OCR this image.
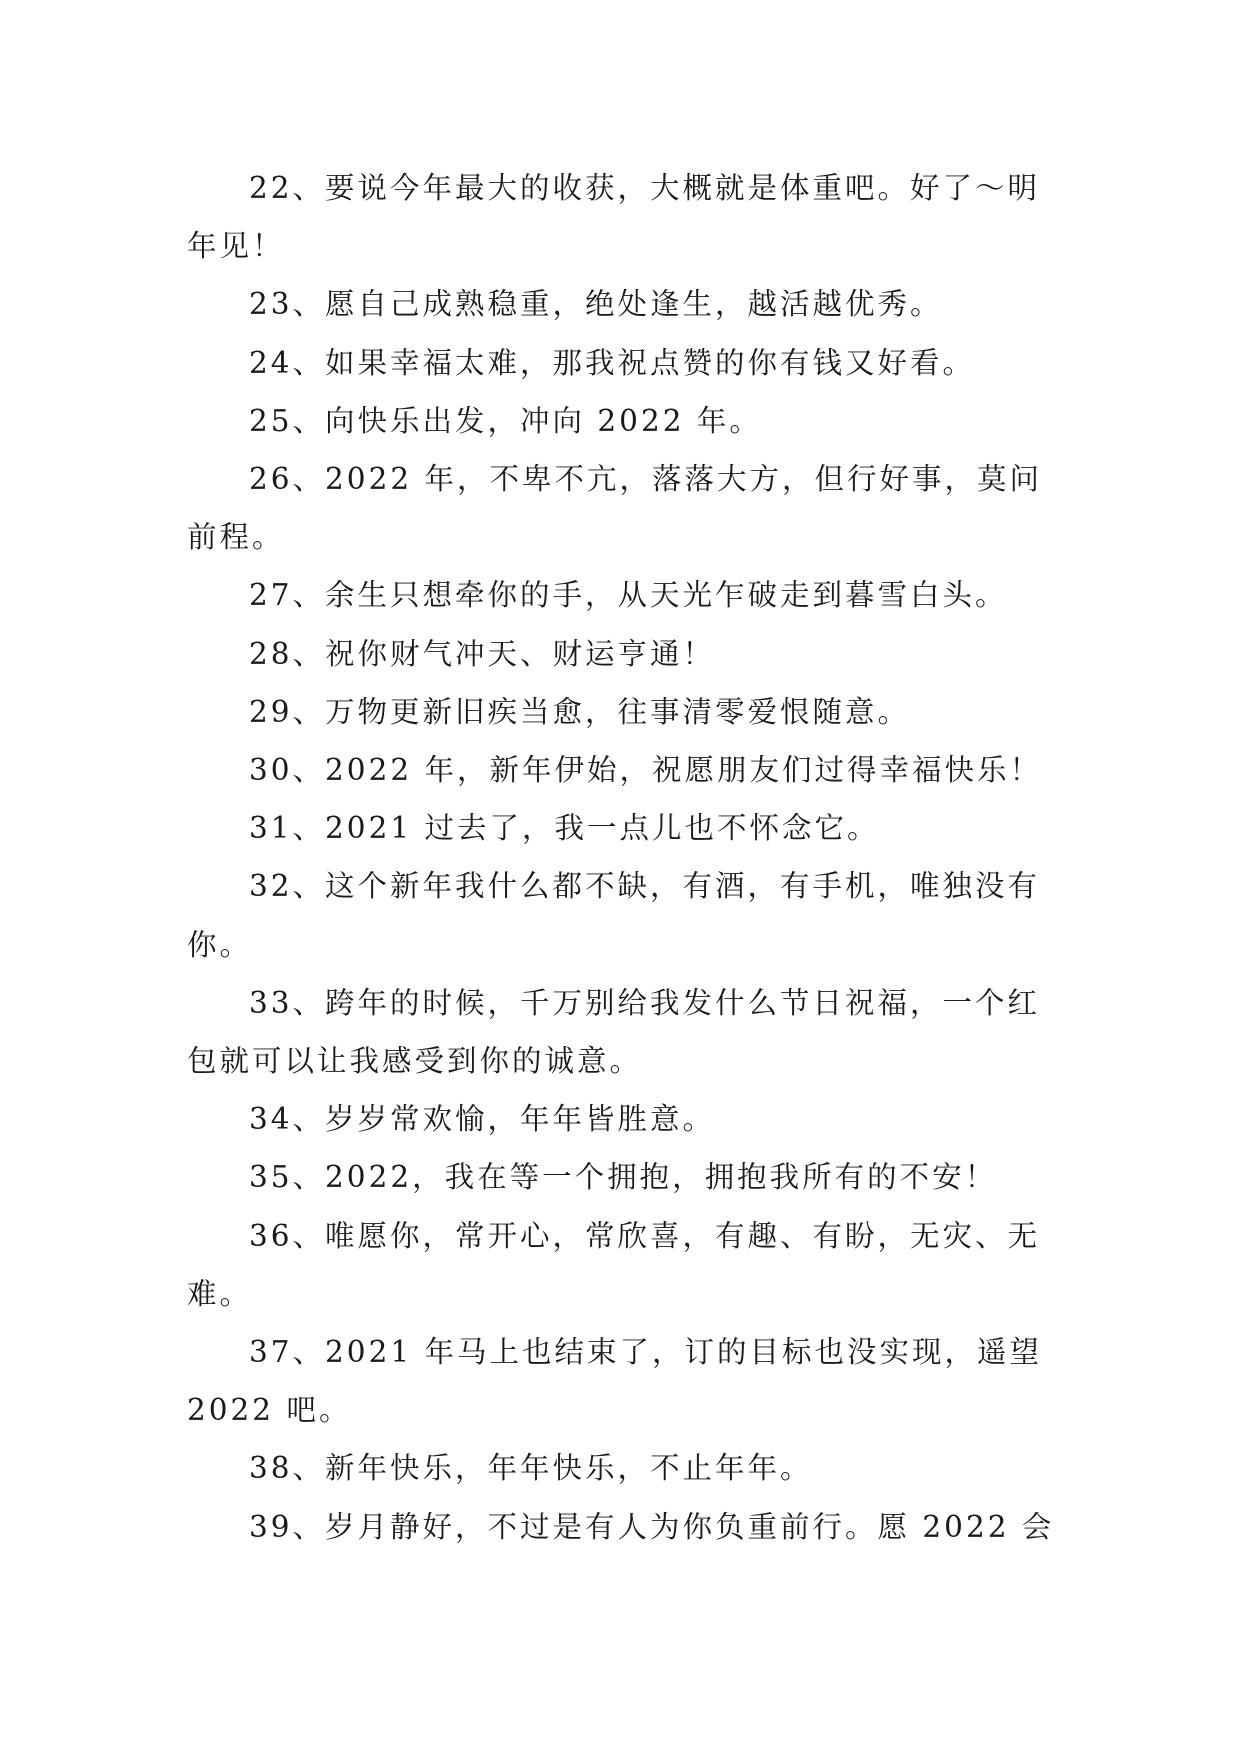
22、要说今年最大的收获，大概就是体重吧。好了～明年见！

23、愿自己成熟稳重，绝处逢生，越活越优秀。

24、如果幸福太难，那我祝点赞的你有钱又好看。

25、向快乐出发，冲向 2022 年。

26、2022 年，不卑不亢，落落大方，但行好事，莫问前程。

27、余生只想牵你的手，从天光乍破走到暮雪白头。

28、祝你财气冲天、财运亨通！

29、万物更新旧疾当愈，往事清零爱恨随意。

30、2022 年，新年伊始，祝愿朋友们过得幸福快乐！

31、2021 过去了，我一点儿也不怀念它。

32、这个新年我什么都不缺，有酒，有手机，唯独没有你。

33、跨年的时候，千万别给我发什么节日祝福，一个红包就可以让我感受到你的诚意。

34、岁岁常欢愉，年年皆胜意。

35、2022，我在等一个拥抱，拥抱我所有的不安！

36、唯愿你，常开心，常欣喜，有趣、有盼，无灾、无难。

37、2021 年马上也结束了，订的目标也没实现，遥望 2022 吧。

38、新年快乐，年年快乐，不止年年。

39、岁月静好，不过是有人为你负重前行。愿 2022 会
